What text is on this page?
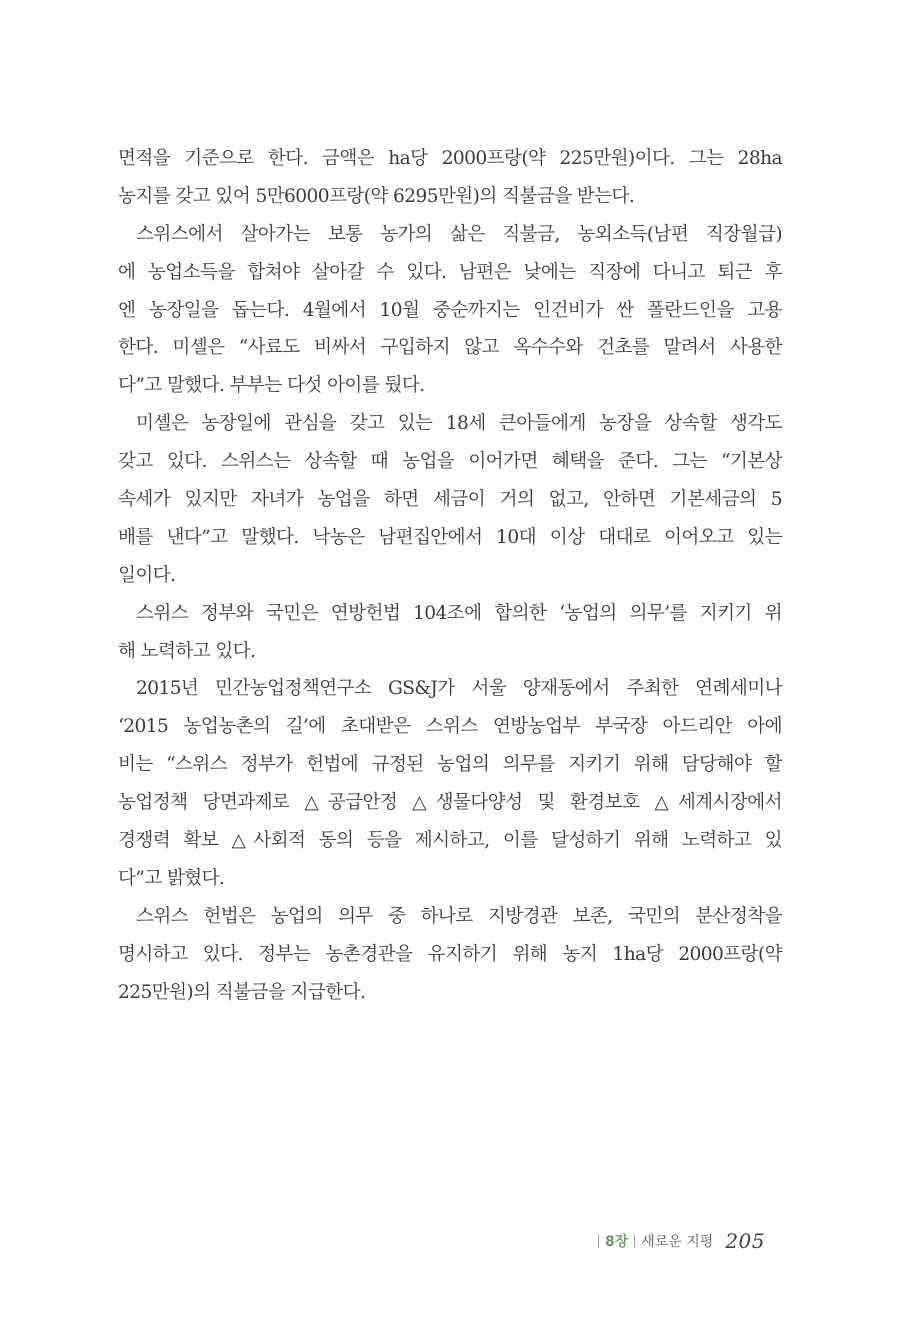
면적을 기준으로 한다. 금액은 ha당 2000프랑(약 225만원)이다. 그는 28ha
농지를 갖고 있어 5만6000프랑(약 6295만원)의 직불금을 받는다.
스위스에서 살아가는 보통 농가의 삶은 직불금, 농외소득(남편 직장월급)
에 농업소득을 합쳐야 살아갈 수 있다. 남편은 낮에는 직장에 다니고 퇴근 후
엔 농장일을 돕는다. 4월에서 10월 중순까지는 인건비가 싼 폴란드인을 고용
한다. 미셸은 “사료도 비싸서 구입하지 않고 옥수수와 건초를 말려서 사용한
다”고 말했다. 부부는 다섯 아이를 뒀다.
미셸은 농장일에 관심을 갖고 있는 18세 큰아들에게 농장을 상속할 생각도
갖고 있다. 스위스는 상속할 때 농업을 이어가면 혜택을 준다. 그는 “기본상
속세가 있지만 자녀가 농업을 하면 세금이 거의 없고, 안하면 기본세금의 5
배를 낸다”고 말했다. 낙농은 남편집안에서 10대 이상 대대로 이어오고 있는
일이다.
스위스 정부와 국민은 연방헌법 104조에 합의한 ‘농업의 의무’를 지키기 위
해 노력하고 있다.
2015년 민간농업정책연구소 GS&J가 서울 양재동에서 주최한 연례세미나
‘2015 농업농촌의 길’에 초대받은 스위스 연방농업부 부국장 아드리안 아에
비는 “스위스 정부가 헌법에 규정된 농업의 의무를 지키기 위해 담당해야 할
농업정책 당면과제로 △공급안정 △생물다양성 및 환경보호 △세계시장에서
경쟁력 확보 △사회적 동의 등을 제시하고, 이를 달성하기 위해 노력하고 있
다”고 밝혔다.
스위스 헌법은 농업의 의무 중 하나로 지방경관 보존, 국민의 분산정착을
명시하고 있다. 정부는 농촌경관을 유지하기 위해 농지 1ha당 2000프랑(약
225만원)의 직불금을 지급한다.
8장 새로운 지평 205
